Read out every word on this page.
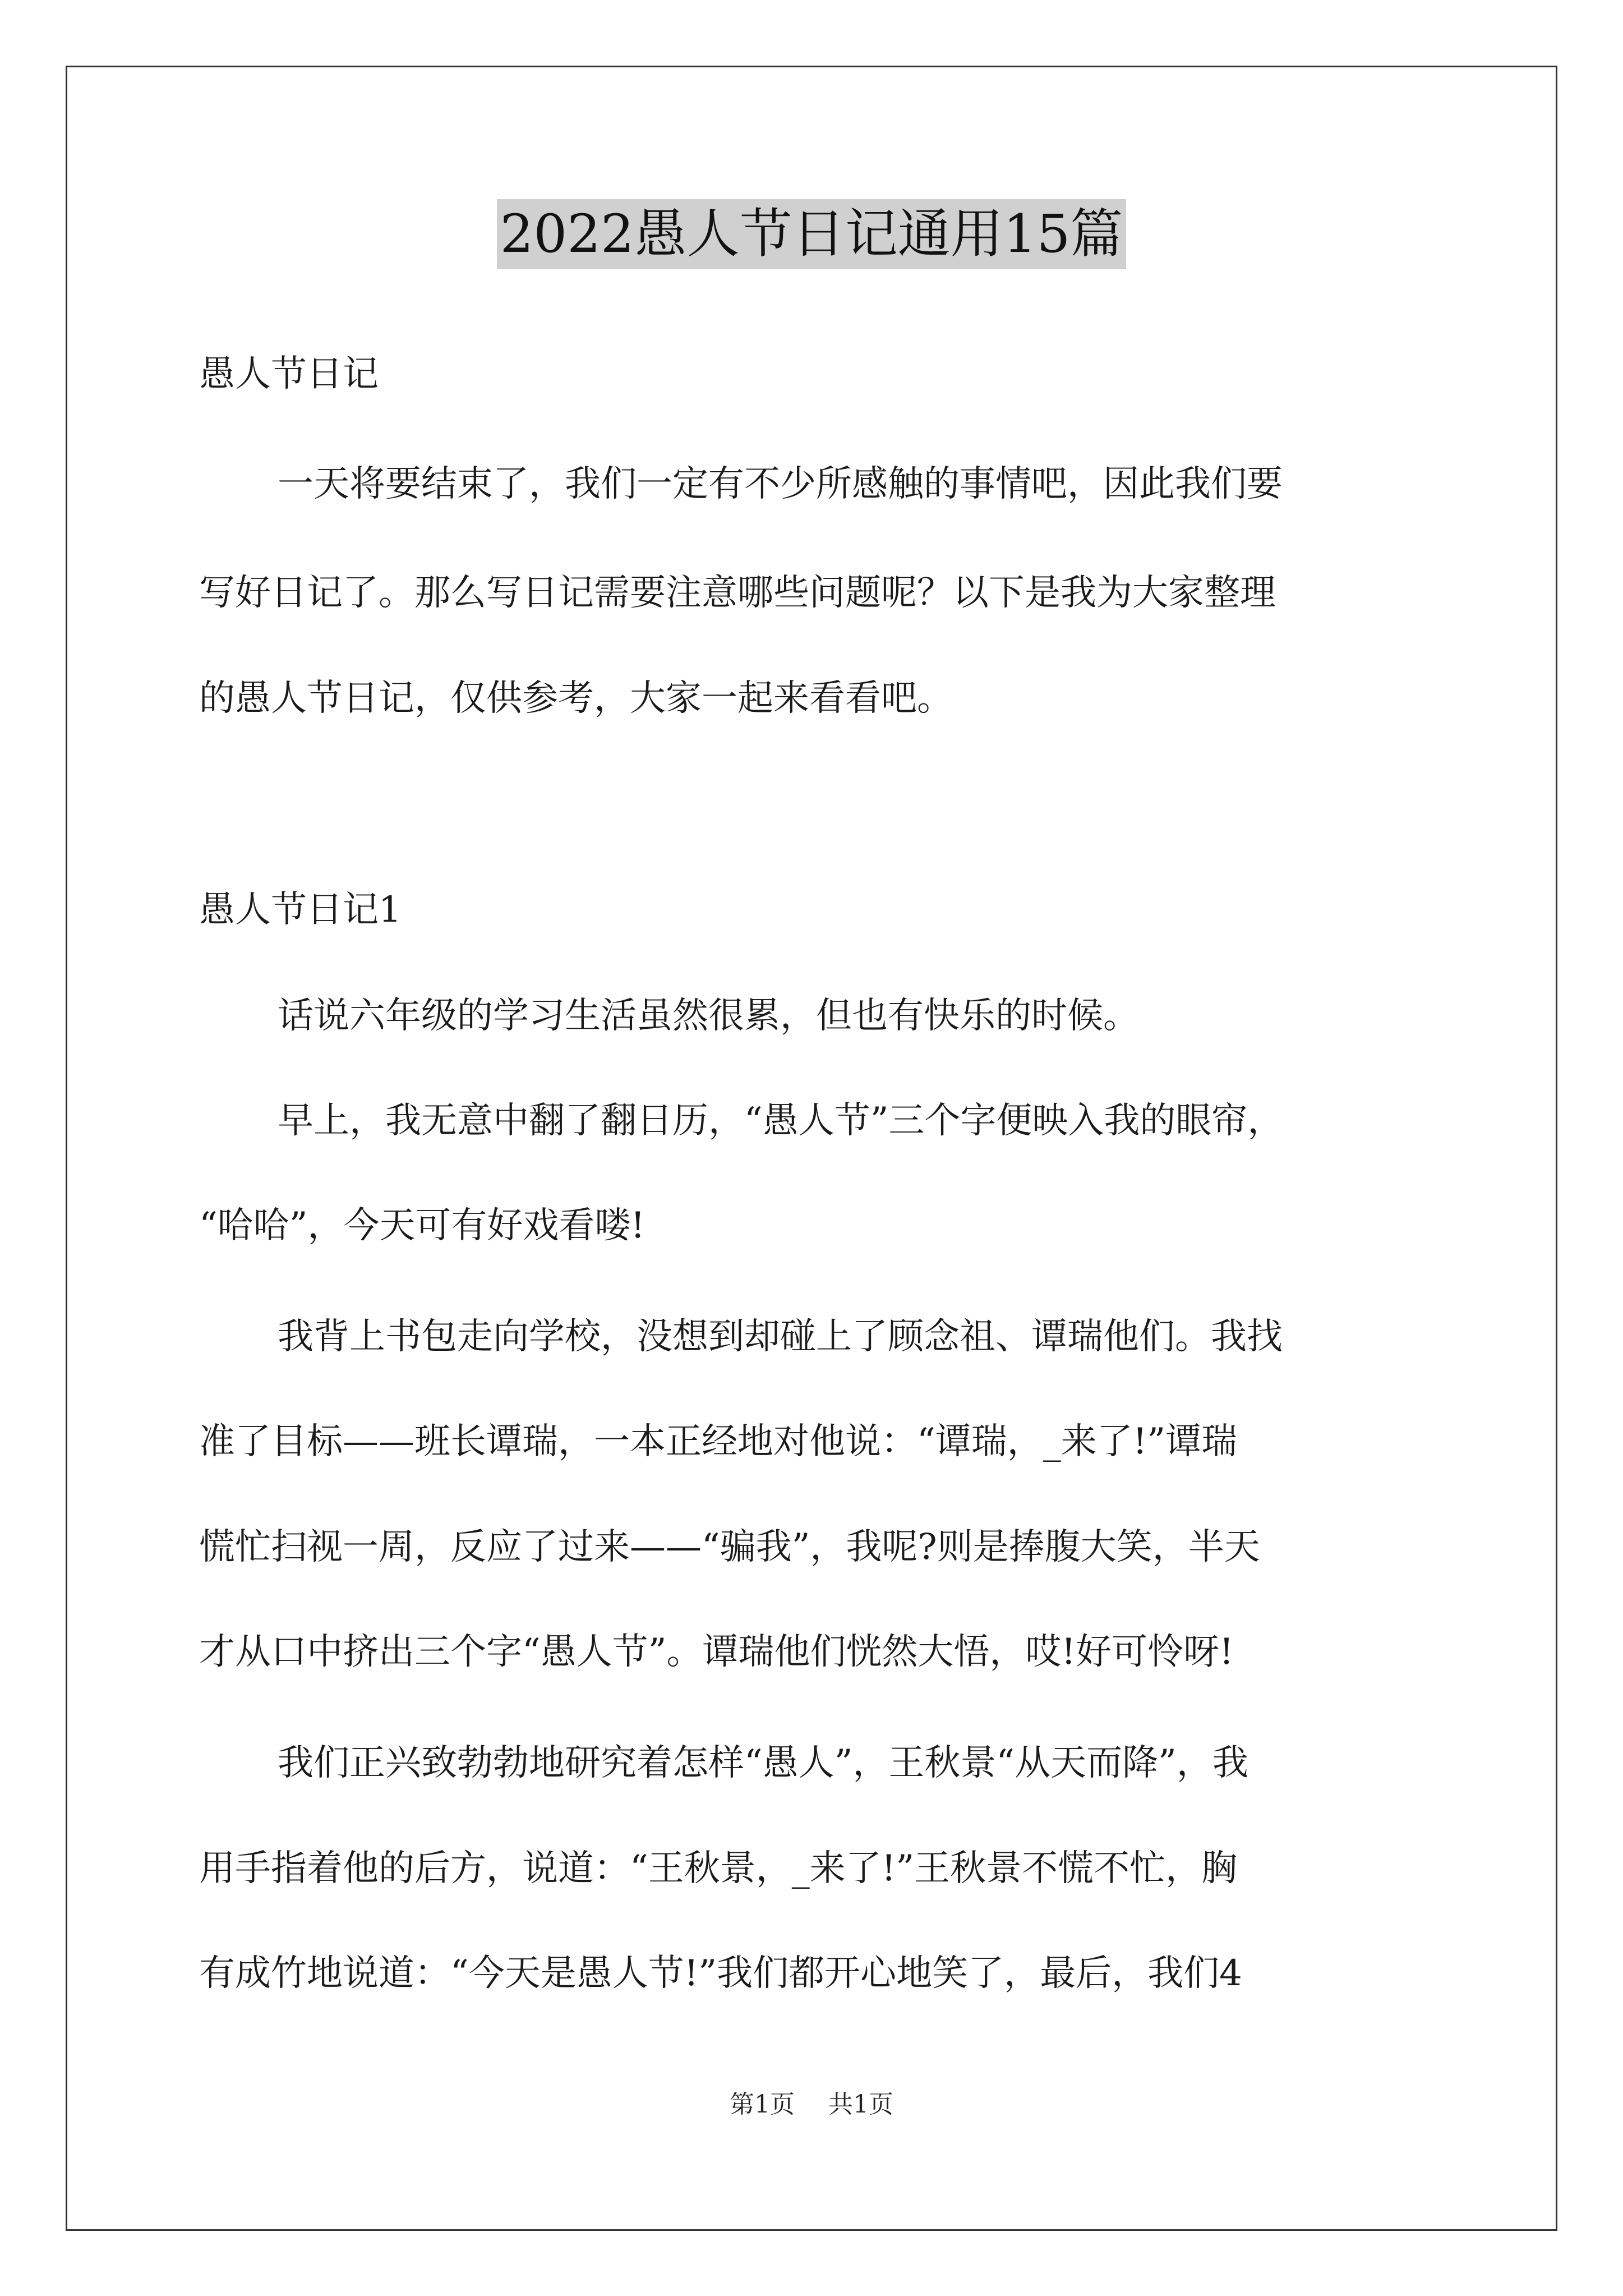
2022愚人节日记通用15篇
愚人节日记
一天将要结束了，我们一定有不少所感触的事情吧，因此我们要
写好日记了。那么写日记需要注意哪些问题呢？以下是我为大家整理
的愚人节日记，仅供参考，大家一起来看看吧。
愚人节日记1
话说六年级的学习生活虽然很累，但也有快乐的时候。
早上，我无意中翻了翻日历，“愚人节”三个字便映入我的眼帘，
“哈哈”，今天可有好戏看喽!
我背上书包走向学校，没想到却碰上了顾念祖、谭瑞他们。我找
准了目标——班长谭瑞，一本正经地对他说：“谭瑞，_来了!”谭瑞
慌忙扫视一周，反应了过来——“骗我”，我呢?则是捧腹大笑，半天
才从口中挤出三个字“愚人节”。谭瑞他们恍然大悟，哎!好可怜呀!
我们正兴致勃勃地研究着怎样“愚人”，王秋景“从天而降”，我
用手指着他的后方，说道：“王秋景，_来了!”王秋景不慌不忙，胸
有成竹地说道：“今天是愚人节!”我们都开心地笑了，最后，我们4
第1页 共1页
